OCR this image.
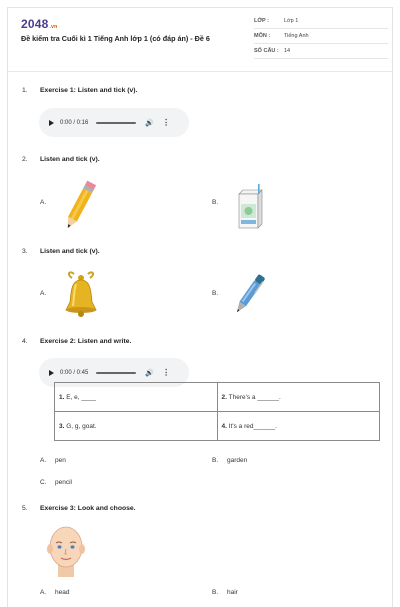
2048.vn
Đề kiểm tra Cuối kì 1 Tiếng Anh lớp 1 (có đáp án) - Đề 6
LỚP :	Lớp 1
MÔN :	Tiếng Anh
SỐ CÂU : 14
1. Exercise 1: Listen and tick (v).
0:00 / 0:16	🔊 ⋮
2. Listen and tick (v).
A.	B.
3. Listen and tick (v).
A.	B.
4. Exercise 2: Listen and write.
0:00 / 0:45	🔊 ⋮
1. E, e, ____	2. There's a ______.
3. G, g, goat.	4. It's a red______.
A. pen	B. garden
C. pencil
5. Exercise 3: Look and choose.
A. head	B. hair
